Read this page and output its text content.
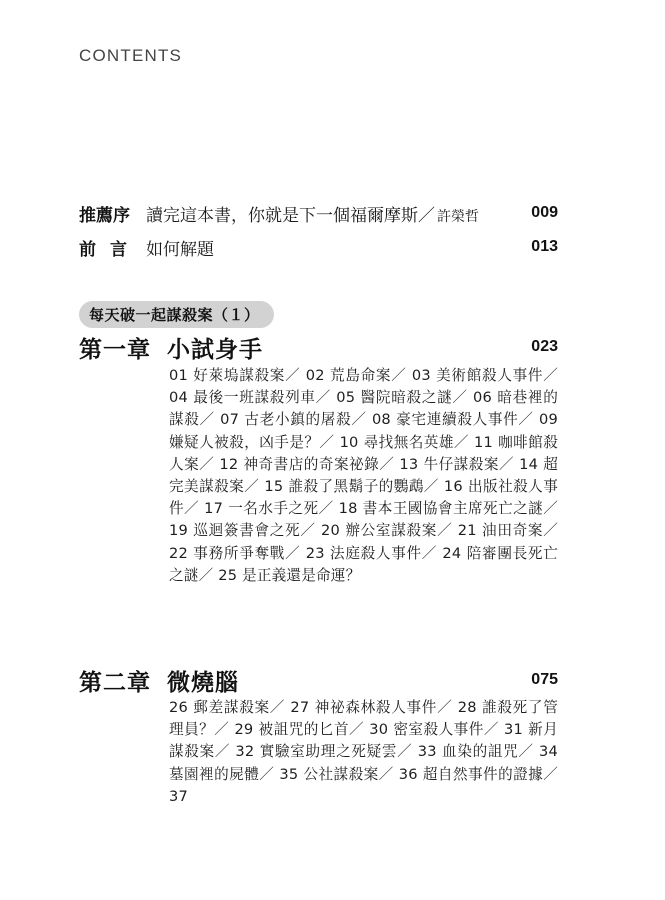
CONTENTS
推薦序 讀完這本書，你就是下一個福爾摩斯／ 許榮哲	009
前言 如何解題	013
每天破一起謀殺案（１）
第一章 小試身手	023
01 好萊塢謀殺案／ 02 荒島命案／ 03 美術館殺人事件／ 04 最後一班謀殺列車／ 05 醫院暗殺之謎／ 06 暗巷裡的謀殺／ 07 古老小鎮的屠殺／ 08 豪宅連續殺人事件／ 09 嫌疑人被殺，凶手是？／ 10 尋找無名英雄／ 11 咖啡館殺人案／ 12 神奇書店的奇案祕錄／ 13 牛仔謀殺案／ 14 超完美謀殺案／ 15 誰殺了黑鬍子的鸚鵡／ 16 出版社殺人事件／ 17 一名水手之死／ 18 書本王國協會主席死亡之謎／ 19 巡迴簽書會之死／ 20 辦公室謀殺案／ 21 油田奇案／ 22 事務所爭奪戰／ 23 法庭殺人事件／ 24 陪審團長死亡之謎／ 25 是正義還是命運？
第二章 微燒腦	075
26 郵差謀殺案／ 27 神祕森林殺人事件／ 28 誰殺死了管理員？／ 29 被詛咒的匕首／ 30 密室殺人事件／ 31 新月謀殺案／ 32 實驗室助理之死疑雲／ 33 血染的詛咒／ 34 墓園裡的屍體／ 35 公社謀殺案／ 36 超自然事件的證據／ 37
